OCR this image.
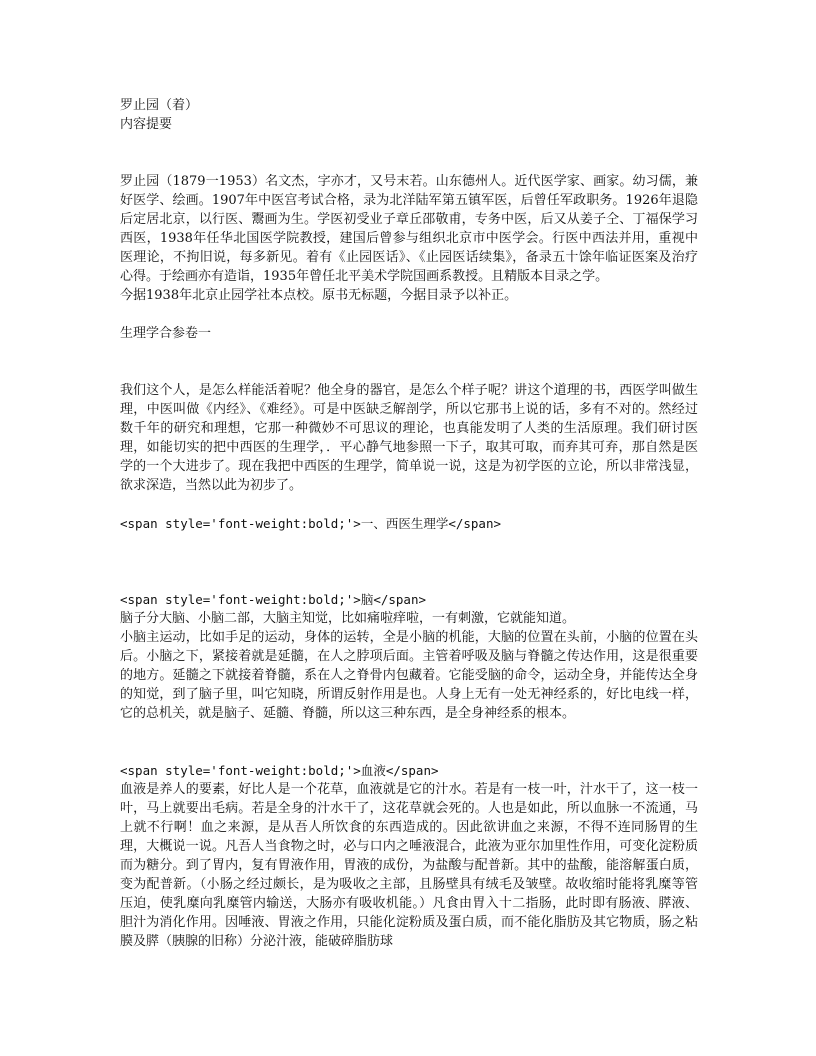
罗止园（着）
内容提要
罗止园（1879一1953）名文杰，字亦才，又号末若。山东德州人。近代医学家、画家。幼习儒，兼好医学、绘画。1907年中医宫考试合格，录为北洋陆军第五镇军医，后曾任军政职务。1926年退隐后定居北京，以行医、鬻画为生。学医初受业子章丘邵敬甫，专务中医，后又从姜子仝、丁福保学习西医，1938年任华北国医学院教授，建国后曾参与组织北京市中医学会。行医中西法并用，重视中医理论，不拘旧说，每多新见。着有《止园医话》、《止园医话续集》，备录五十馀年临证医案及治疗心得。于绘画亦有造诣，1935年曾任北平美术学院国画系教授。且精版本目录之学。
今据1938年北京止园学社本点校。原书无标题，今据目录予以补正。
生理学合参卷一
我们这个人，是怎么样能活着呢？他全身的器官，是怎么个样子呢？讲这个道理的书，西医学叫做生理，中医叫做《内经》、《难经》。可是中医缺乏解剖学，所以它那书上说的话，多有不对的。然经过数千年的研究和理想，它那一种微妙不可思议的理论，也真能发明了人类的生活原理。我们研讨医理，如能切实的把中西医的生理学，．平心静气地参照一下子，取其可取，而弃其可弃，那自然是医学的一个大进步了。现在我把中西医的生理学，简单说一说，这是为初学医的立论，所以非常浅显，欲求深造，当然以此为初步了。
<span style='font-weight:bold;'>一、西医生理学</span>
<span style='font-weight:bold;'>脑</span>
脑子分大脑、小脑二部，大脑主知觉，比如痛啦痒啦，一有刺激，它就能知道。
小脑主运动，比如手足的运动，身体的运转，全是小脑的机能，大脑的位置在头前，小脑的位置在头后。小脑之下，紧接着就是延髓，在人之脖项后面。主管着呼吸及脑与脊髓之传达作用，这是很重要的地方。延髓之下就接着脊髓，系在人之脊骨内包藏着。它能受脑的命令，运动全身，并能传达全身的知觉，到了脑子里，叫它知晓，所谓反射作用是也。人身上无有一处无神经系的，好比电线一样，它的总机关，就是脑子、延髓、脊髓，所以这三种东西，是全身神经系的根本。
<span style='font-weight:bold;'>血液</span>
血液是养人的要素，好比人是一个花草，血液就是它的汁水。若是有一枝一叶，汁水干了，这一枝一叶，马上就要出毛病。若是全身的汁水干了，这花草就会死的。人也是如此，所以血脉一不流通，马上就不行啊！血之来源，是从吾人所饮食的东西造成的。因此欲讲血之来源，不得不连同肠胃的生理，大概说一说。凡吾人当食物之时，必与口内之唾液混合，此液为亚尔加里性作用，可变化淀粉质而为糖分。到了胃内，复有胃液作用，胃液的成份，为盐酸与配普新。其中的盐酸，能溶解蛋白质，变为配普新。（小肠之经过颇长，是为吸收之主部，且肠壁具有绒毛及皱壁。故收缩时能将乳糜等管压迫，使乳糜向乳糜管内输送，大肠亦有吸收机能。）凡食由胃入十二指肠，此时即有肠液、膵液、胆汁为消化作用。因唾液、胃液之作用，只能化淀粉质及蛋白质，而不能化脂肪及其它物质，肠之粘膜及膵（胰腺的旧称）分泌汁液，能破碎脂肪球
